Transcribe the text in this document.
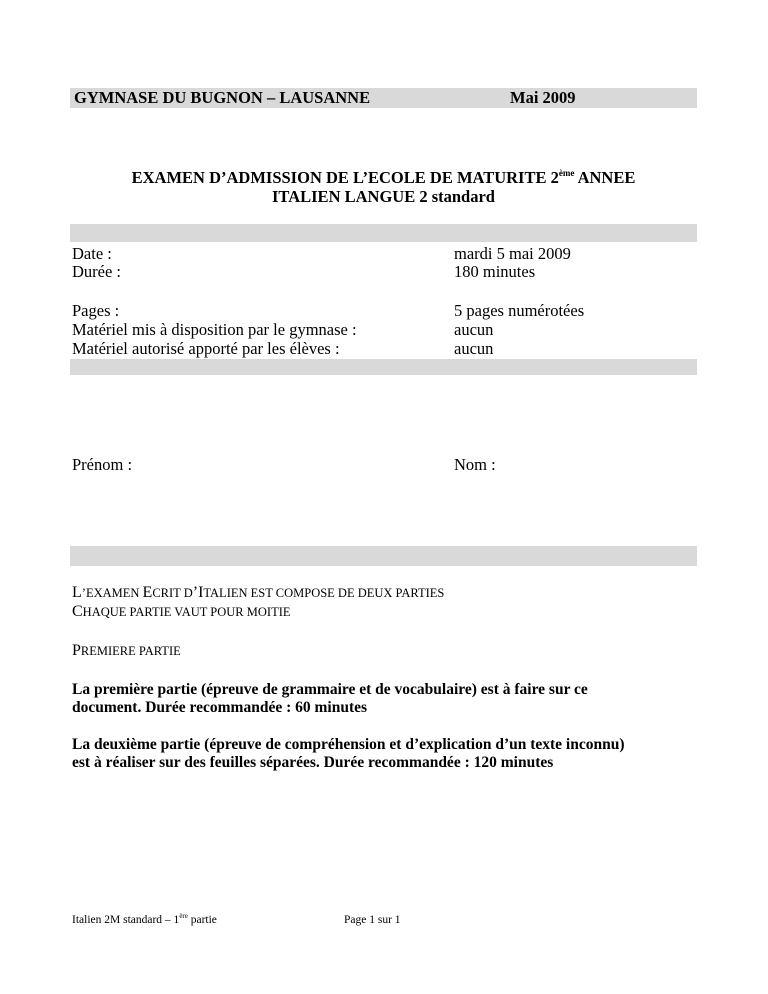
GYMNASE DU BUGNON – LAUSANNE	Mai 2009
EXAMEN D’ADMISSION DE L’ECOLE DE MATURITE 2ème ANNEE
ITALIEN LANGUE 2 standard
Date :	mardi 5 mai 2009
Durée :	180 minutes
Pages :	5 pages numérotées
Matériel mis à disposition par le gymnase :	aucun
Matériel autorisé apporté par les élèves :	aucun
Prénom :	Nom :
L’EXAMEN ECRIT D’ITALIEN EST COMPOSE DE DEUX PARTIES
CHAQUE PARTIE VAUT POUR MOITIE
PREMIERE PARTIE
La première partie (épreuve de grammaire et de vocabulaire) est à faire sur ce
document. Durée recommandée : 60 minutes
La deuxième partie (épreuve de compréhension et d’explication d’un texte inconnu)
est à réaliser sur des feuilles séparées. Durée recommandée : 120 minutes
Italien 2M standard – 1ère partie	Page 1 sur 1
